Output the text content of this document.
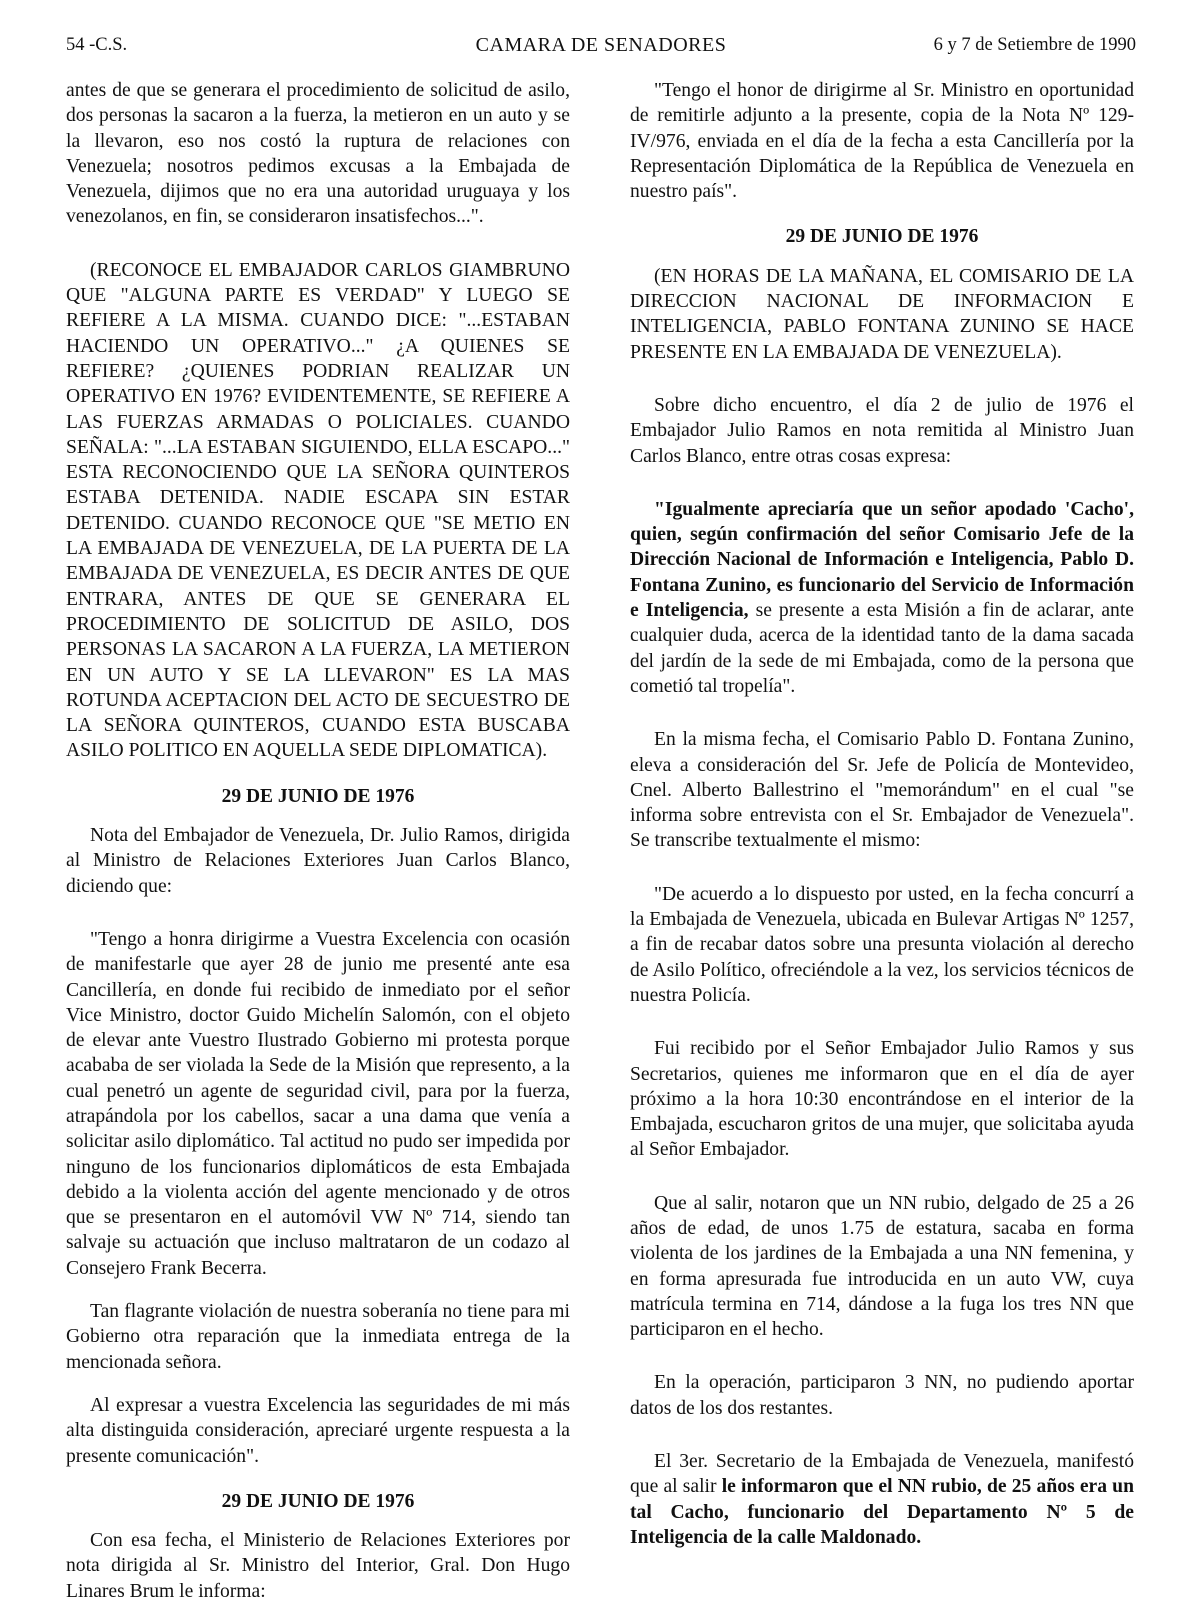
54 -C.S.	CAMARA DE SENADORES	6 y 7 de Setiembre de 1990

antes de que se generara el procedimiento de solicitud de asilo, dos personas la sacaron a la fuerza, la metieron en un auto y se la llevaron, eso nos costó la ruptura de relaciones con Venezuela; nosotros pedimos excusas a la Embajada de Venezuela, dijimos que no era una autoridad uruguaya y los venezolanos, en fin, se consideraron insatisfechos...".

(RECONOCE EL EMBAJADOR CARLOS GIAMBRUNO QUE "ALGUNA PARTE ES VERDAD" Y LUEGO SE REFIERE A LA MISMA. CUANDO DICE: "...ESTABAN HACIENDO UN OPERATIVO..." ¿A QUIENES SE REFIERE? ¿QUIENES PODRIAN REALIZAR UN OPERATIVO EN 1976? EVIDENTEMENTE, SE REFIERE A LAS FUERZAS ARMADAS O POLICIALES. CUANDO SEÑALA: "...LA ESTABAN SIGUIENDO, ELLA ESCAPO..." ESTA RECONOCIENDO QUE LA SEÑORA QUINTEROS ESTABA DETENIDA. NADIE ESCAPA SIN ESTAR DETENIDO. CUANDO RECONOCE QUE "SE METIO EN LA EMBAJADA DE VENEZUELA, DE LA PUERTA DE LA EMBAJADA DE VENEZUELA, ES DECIR ANTES DE QUE ENTRARA, ANTES DE QUE SE GENERARA EL PROCEDIMIENTO DE SOLICITUD DE ASILO, DOS PERSONAS LA SACARON A LA FUERZA, LA METIERON EN UN AUTO Y SE LA LLEVARON" ES LA MAS ROTUNDA ACEPTACION DEL ACTO DE SECUESTRO DE LA SEÑORA QUINTEROS, CUANDO ESTA BUSCABA ASILO POLITICO EN AQUELLA SEDE DIPLOMATICA).

29 DE JUNIO DE 1976

Nota del Embajador de Venezuela, Dr. Julio Ramos, dirigida al Ministro de Relaciones Exteriores Juan Carlos Blanco, diciendo que:

"Tengo a honra dirigirme a Vuestra Excelencia con ocasión de manifestarle que ayer 28 de junio me presenté ante esa Cancillería, en donde fui recibido de inmediato por el señor Vice Ministro, doctor Guido Michelín Salomón, con el objeto de elevar ante Vuestro Ilustrado Gobierno mi protesta porque acababa de ser violada la Sede de la Misión que represento, a la cual penetró un agente de seguridad civil, para por la fuerza, atrapándola por los cabellos, sacar a una dama que venía a solicitar asilo diplomático. Tal actitud no pudo ser impedida por ninguno de los funcionarios diplomáticos de esta Embajada debido a la violenta acción del agente mencionado y de otros que se presentaron en el automóvil VW Nº 714, siendo tan salvaje su actuación que incluso maltrataron de un codazo al Consejero Frank Becerra.

Tan flagrante violación de nuestra soberanía no tiene para mi Gobierno otra reparación que la inmediata entrega de la mencionada señora.

Al expresar a vuestra Excelencia las seguridades de mi más alta distinguida consideración, apreciaré urgente respuesta a la presente comunicación".

29 DE JUNIO DE 1976

Con esa fecha, el Ministerio de Relaciones Exteriores por nota dirigida al Sr. Ministro del Interior, Gral. Don Hugo Linares Brum le informa:

"Tengo el honor de dirigirme al Sr. Ministro en oportunidad de remitirle adjunto a la presente, copia de la Nota Nº 129-IV/976, enviada en el día de la fecha a esta Cancillería por la Representación Diplomática de la República de Venezuela en nuestro país".

29 DE JUNIO DE 1976

(EN HORAS DE LA MAÑANA, EL COMISARIO DE LA DIRECCION NACIONAL DE INFORMACION E INTELIGENCIA, PABLO FONTANA ZUNINO SE HACE PRESENTE EN LA EMBAJADA DE VENEZUELA).

Sobre dicho encuentro, el día 2 de julio de 1976 el Embajador Julio Ramos en nota remitida al Ministro Juan Carlos Blanco, entre otras cosas expresa:

"Igualmente apreciaría que un señor apodado 'Cacho', quien, según confirmación del señor Comisario Jefe de la Dirección Nacional de Información e Inteligencia, Pablo D. Fontana Zunino, es funcionario del Servicio de Información e Inteligencia, se presente a esta Misión a fin de aclarar, ante cualquier duda, acerca de la identidad tanto de la dama sacada del jardín de la sede de mi Embajada, como de la persona que cometió tal tropelía".

En la misma fecha, el Comisario Pablo D. Fontana Zunino, eleva a consideración del Sr. Jefe de Policía de Montevideo, Cnel. Alberto Ballestrino el "memorándum" en el cual "se informa sobre entrevista con el Sr. Embajador de Venezuela". Se transcribe textualmente el mismo:

"De acuerdo a lo dispuesto por usted, en la fecha concurrí a la Embajada de Venezuela, ubicada en Bulevar Artigas Nº 1257, a fin de recabar datos sobre una presunta violación al derecho de Asilo Político, ofreciéndole a la vez, los servicios técnicos de nuestra Policía.

Fui recibido por el Señor Embajador Julio Ramos y sus Secretarios, quienes me informaron que en el día de ayer próximo a la hora 10:30 encontrándose en el interior de la Embajada, escucharon gritos de una mujer, que solicitaba ayuda al Señor Embajador.

Que al salir, notaron que un NN rubio, delgado de 25 a 26 años de edad, de unos 1.75 de estatura, sacaba en forma violenta de los jardines de la Embajada a una NN femenina, y en forma apresurada fue introducida en un auto VW, cuya matrícula termina en 714, dándose a la fuga los tres NN que participaron en el hecho.

En la operación, participaron 3 NN, no pudiendo aportar datos de los dos restantes.

El 3er. Secretario de la Embajada de Venezuela, manifestó que al salir le informaron que el NN rubio, de 25 años era un tal Cacho, funcionario del Departamento Nº 5 de Inteligencia de la calle Maldonado.
